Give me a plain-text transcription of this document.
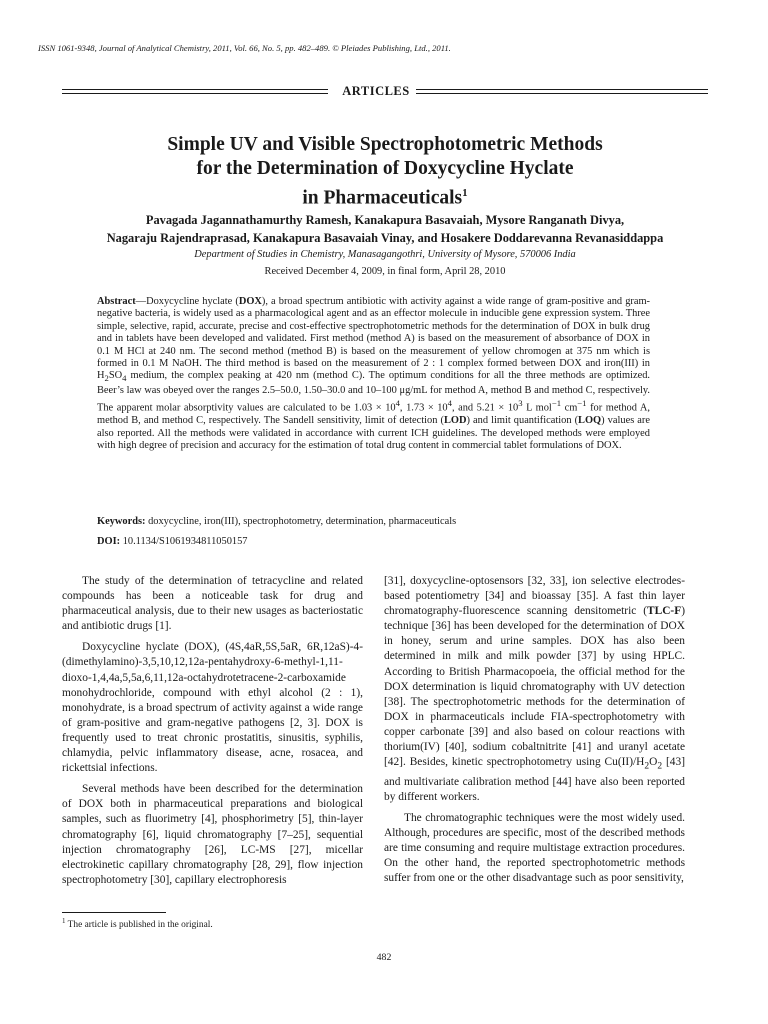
ISSN 1061-9348, Journal of Analytical Chemistry, 2011, Vol. 66, No. 5, pp. 482–489. © Pleiades Publishing, Ltd., 2011.
ARTICLES
Simple UV and Visible Spectrophotometric Methods
for the Determination of Doxycycline Hyclate
in Pharmaceuticals$^1$
Pavagada Jagannathamurthy Ramesh, Kanakapura Basavaiah, Mysore Ranganath Divya,
Nagaraju Rajendraprasad, Kanakapura Basavaiah Vinay, and Hosakere Doddarevanna Revanasiddappa
Department of Studies in Chemistry, Manasagangothri, University of Mysore, 570006 India
Received December 4, 2009, in final form, April 28, 2010
Abstract—Doxycycline hyclate (DOX), a broad spectrum antibiotic with activity against a wide range of gram-positive and gram-negative bacteria, is widely used as a pharmacological agent and as an effector molecule in inducible gene expression system. Three simple, selective, rapid, accurate, precise and cost-effective spectrophotometric methods for the determination of DOX in bulk drug and in tablets have been developed and validated. First method (method A) is based on the measurement of absorbance of DOX in 0.1 M HCl at 240 nm. The second method (method B) is based on the measurement of yellow chromogen at 375 nm which is formed in 0.1 M NaOH. The third method is based on the measurement of 2 : 1 complex formed between DOX and iron(III) in $H_2SO_4$ medium, the complex peaking at 420 nm (method C). The optimum conditions for all the three methods are optimized. Beer’s law was obeyed over the ranges 2.5–50.0, 1.50–30.0 and 10–100 μg/mL for method A, method B and method C, respectively. The apparent molar absorptivity values are calculated to be $1.03 \times 10^4$, $1.73 \times 10^4$, and $5.21 \times 10^3$ L mol$^{-1}$ $cm^{-1}$ for method A, method B, and method C, respectively. The Sandell sensitivity, limit of detection (LOD) and limit quantification (LOQ) values are also reported. All the methods were validated in accordance with current ICH guidelines. The developed methods were employed with high degree of precision and accuracy for the estimation of total drug content in commercial tablet formulations of DOX.
Keywords: doxycycline, iron(III), spectrophotometry, determination, pharmaceuticals
DOI: 10.1134/S1061934811050157

The study of the determination of tetracycline and related compounds has been a noticeable task for drug and pharmaceutical analysis, due to their new usages as bacteriostatic and antibiotic drugs [1].

Doxycycline hyclate (DOX), (4S,4aR,5S,5aR, 6R,12aS)-4-(dimethylamino)-3,5,10,12,12a-pentahydroxy-6-methyl-1,11-dioxo-1,4,4a,5,5a,6,11,12a-octahydrotetracene-2-carboxamide monohydrochloride, compound with ethyl alcohol (2 : 1), monohydrate, is a broad spectrum of activity against a wide range of gram-positive and gram-negative pathogens [2, 3]. DOX is frequently used to treat chronic prostatitis, sinusitis, syphilis, chlamydia, pelvic inflammatory disease, acne, rosacea, and rickettsial infections.

Several methods have been described for the determination of DOX both in pharmaceutical preparations and biological samples, such as fluorimetry [4], phosphorimetry [5], thin-layer chromatography [6], liquid chromatography [7–25], sequential injection chromatography [26], LC-MS [27], micellar electrokinetic capillary chromatography [28, 29], flow injection spectrophotometry [30], capillary electrophoresis

[31], doxycycline-optosensors [32, 33], ion selective electrodes-based potentiometry [34] and bioassay [35]. A fast thin layer chromatography-fluorescence scanning densitometric (TLC-F) technique [36] has been developed for the determination of DOX in honey, serum and urine samples. DOX has also been determined in milk and milk powder [37] by using HPLC. According to British Pharmacopoeia, the official method for the DOX determination is liquid chromatography with UV detection [38]. The spectrophotometric methods for the determination of DOX in pharmaceuticals include FIA-spectrophotometry with copper carbonate [39] and also based on colour reactions with thorium(IV) [40], sodium cobaltnitrite [41] and uranyl acetate [42]. Besides, kinetic spectrophotometry using $Cu(II)/H_2O_2$ [43] and multivariate calibration method [44] have also been reported by different workers.

The chromatographic techniques were the most widely used. Although, procedures are specific, most of the described methods are time consuming and require multistage extraction procedures. On the other hand, the reported spectrophotometric methods suffer from one or the other disadvantage such as poor sensitivity,

$^1$ The article is published in the original.
482
